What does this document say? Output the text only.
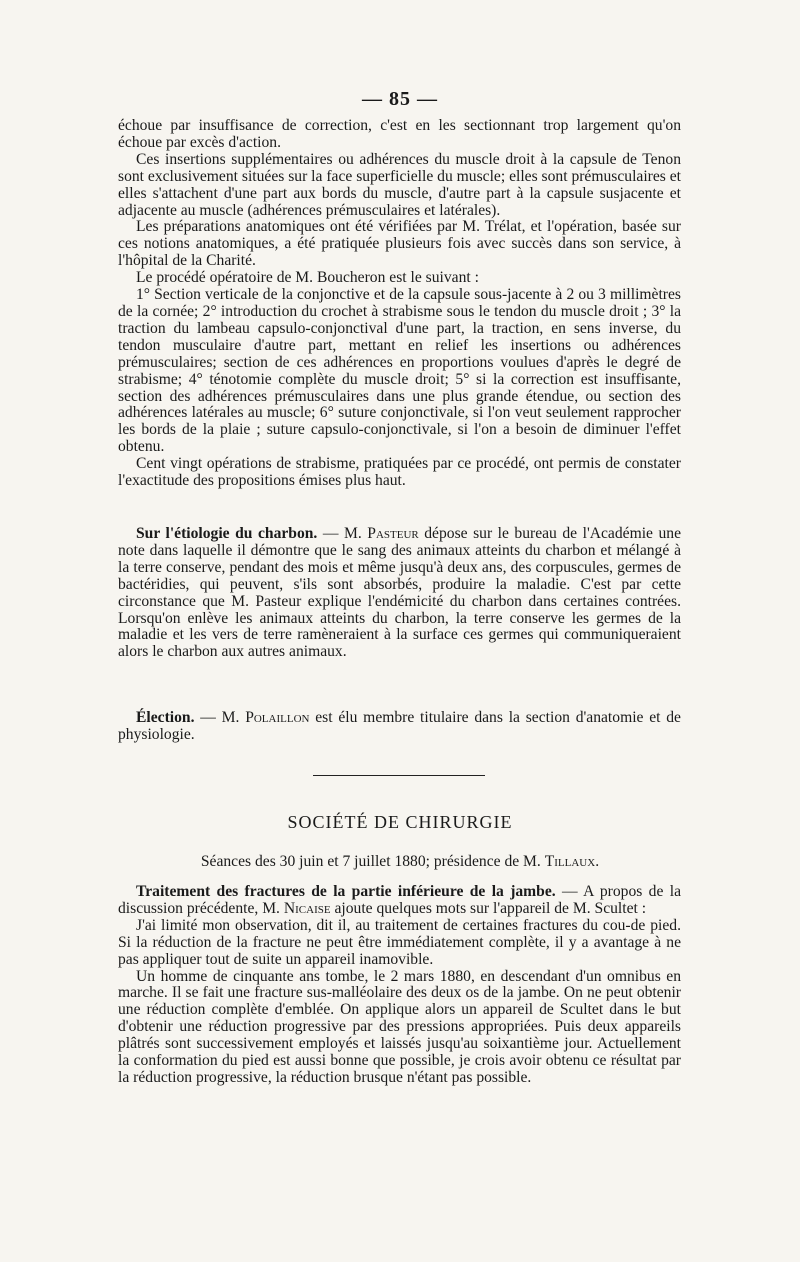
— 85 —

échoue par insuffisance de correction, c'est en les sectionnant trop largement qu'on échoue par excès d'action.

Ces insertions supplémentaires ou adhérences du muscle droit à la capsule de Tenon sont exclusivement situées sur la face superficielle du muscle; elles sont prémusculaires et elles s'attachent d'une part aux bords du muscle, d'autre part à la capsule susjacente et adjacente au muscle (adhérences prémusculaires et latérales).

Les préparations anatomiques ont été vérifiées par M. Trélat, et l'opération, basée sur ces notions anatomiques, a été pratiquée plusieurs fois avec succès dans son service, à l'hôpital de la Charité.

Le procédé opératoire de M. Boucheron est le suivant :

1° Section verticale de la conjonctive et de la capsule sous-jacente à 2 ou 3 millimètres de la cornée; 2° introduction du crochet à strabisme sous le tendon du muscle droit ; 3° la traction du lambeau capsulo-conjonctival d'une part, la traction, en sens inverse, du tendon musculaire d'autre part, mettant en relief les insertions ou adhérences prémusculaires; section de ces adhérences en proportions voulues d'après le degré de strabisme; 4° ténotomie complète du muscle droit; 5° si la correction est insuffisante, section des adhérences prémusculaires dans une plus grande étendue, ou section des adhérences latérales au muscle; 6° suture conjonctivale, si l'on veut seulement rapprocher les bords de la plaie ; suture capsulo-conjonctivale, si l'on a besoin de diminuer l'effet obtenu.

Cent vingt opérations de strabisme, pratiquées par ce procédé, ont permis de constater l'exactitude des propositions émises plus haut.

Sur l'étiologie du charbon. — M. Pasteur dépose sur le bureau de l'Académie une note dans laquelle il démontre que le sang des animaux atteints du charbon et mélangé à la terre conserve, pendant des mois et même jusqu'à deux ans, des corpuscules, germes de bactéridies, qui peuvent, s'ils sont absorbés, produire la maladie. C'est par cette circonstance que M. Pasteur explique l'endémicité du charbon dans certaines contrées. Lorsqu'on enlève les animaux atteints du charbon, la terre conserve les germes de la maladie et les vers de terre ramèneraient à la surface ces germes qui communiqueraient alors le charbon aux autres animaux.

Élection. — M. Polaillon est élu membre titulaire dans la section d'anatomie et de physiologie.

SOCIÉTÉ DE CHIRURGIE
Séances des 30 juin et 7 juillet 1880; présidence de M. Tillaux.

Traitement des fractures de la partie inférieure de la jambe. — A propos de la discussion précédente, M. Nicaise ajoute quelques mots sur l'appareil de M. Scultet :

J'ai limité mon observation, dit il, au traitement de certaines fractures du cou-de pied. Si la réduction de la fracture ne peut être immédiatement complète, il y a avantage à ne pas appliquer tout de suite un appareil inamovible.

Un homme de cinquante ans tombe, le 2 mars 1880, en descendant d'un omnibus en marche. Il se fait une fracture sus-malléolaire des deux os de la jambe. On ne peut obtenir une réduction complète d'emblée. On applique alors un appareil de Scultet dans le but d'obtenir une réduction progressive par des pressions appropriées. Puis deux appareils plâtrés sont successivement employés et laissés jusqu'au soixantième jour. Actuellement la conformation du pied est aussi bonne que possible, je crois avoir obtenu ce résultat par la réduction progressive, la réduction brusque n'étant pas possible.
